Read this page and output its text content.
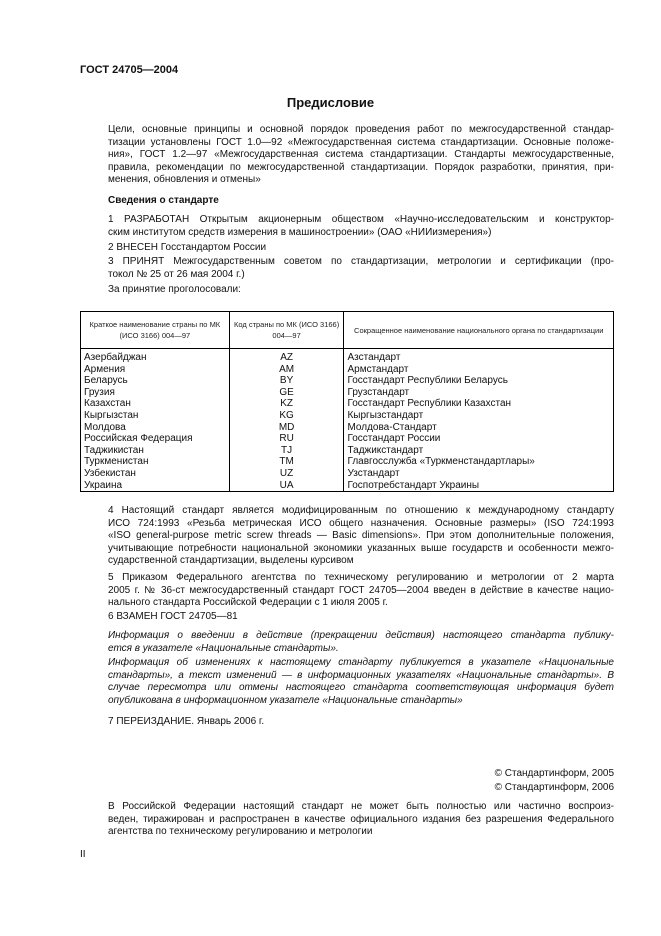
ГОСТ 24705—2004
Предисловие
Цели, основные принципы и основной порядок проведения работ по межгосударственной стандар-
тизации установлены ГОСТ 1.0—92 «Межгосударственная система стандартизации. Основные положе-
ния», ГОСТ 1.2—97 «Межгосударственная система стандартизации. Стандарты межгосударственные,
правила, рекомендации по межгосударственной стандартизации. Порядок разработки, принятия, при-
менения, обновления и отмены»
Сведения о стандарте
1 РАЗРАБОТАН Открытым акционерным обществом «Научно-исследовательским и конструктор-
ским институтом средств измерения в машиностроении» (ОАО «НИИизмерения»)
2 ВНЕСЕН Госстандартом России
3 ПРИНЯТ Межгосударственным советом по стандартизации, метрологии и сертификации (про-
токол № 25 от 26 мая 2004 г.)
За принятие проголосовали:
Краткое наименование страны по МК (ИСО 3166) 004—97	Код страны по МК (ИСО 3166) 004—97	Сокращенное наименование национального органа по стандартизации
Азербайджан	AZ	Азстандарт
Армения	AM	Армстандарт
Беларусь	BY	Госстандарт Республики Беларусь
Грузия	GE	Грузстандарт
Казахстан	KZ	Госстандарт Республики Казахстан
Кыргызстан	KG	Кыргызстандарт
Молдова	MD	Молдова-Стандарт
Российская Федерация	RU	Госстандарт России
Таджикистан	TJ	Таджикстандарт
Туркменистан	TM	Главгосслужба «Туркменстандартлары»
Узбекистан	UZ	Узстандарт
Украина	UA	Госпотребстандарт Украины
4 Настоящий стандарт является модифицированным по отношению к международному стандарту
ИСО 724:1993 «Резьба метрическая ИСО общего назначения. Основные размеры» (ISO 724:1993
«ISO general-purpose metric screw threads — Basic dimensions». При этом дополнительные положения,
учитывающие потребности национальной экономики указанных выше государств и особенности межго-
сударственной стандартизации, выделены курсивом
5 Приказом Федерального агентства по техническому регулированию и метрологии от 2 марта
2005 г. № 36-ст межгосударственный стандарт ГОСТ 24705—2004 введен в действие в качестве нацио-
нального стандарта Российской Федерации с 1 июля 2005 г.
6 ВЗАМЕН ГОСТ 24705—81
Информация о введении в действие (прекращении действия) настоящего стандарта публику-
ется в указателе «Национальные стандарты».
Информация об изменениях к настоящему стандарту публикуется в указателе «Национальные
стандарты», а текст изменений — в информационных указателях «Национальные стандарты». В
случае пересмотра или отмены настоящего стандарта соответствующая информация будет
опубликована в информационном указателе «Национальные стандарты»
7 ПЕРЕИЗДАНИЕ. Январь 2006 г.
© Стандартинформ, 2005
© Стандартинформ, 2006
В Российской Федерации настоящий стандарт не может быть полностью или частично воспроиз-
веден, тиражирован и распространен в качестве официального издания без разрешения Федерального
агентства по техническому регулированию и метрологии
II
